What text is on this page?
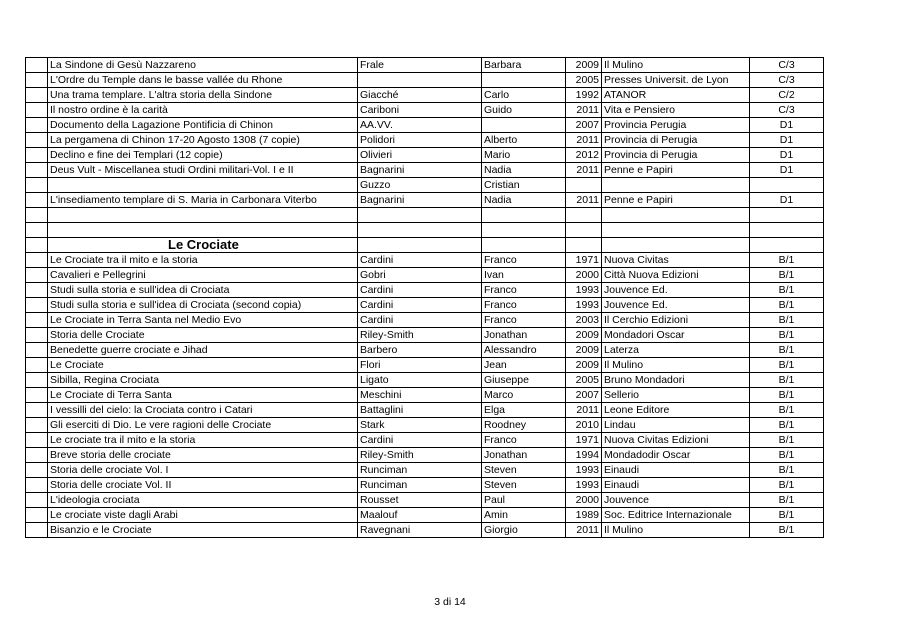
	La Sindone di Gesù Nazzareno	Frale	Barbara	2009	Il Mulino	C/3
	L'Ordre du Temple dans le basse vallée du Rhone			2005	Presses Universit. de Lyon	C/3
	Una trama templare. L'altra storia della Sindone	Giacché	Carlo	1992	ATANOR	C/2
	Il nostro ordine è la carità	Cariboni	Guido	2011	Vita e Pensiero	C/3
	Documento della Lagazione Pontificia di Chinon	AA.VV.		2007	Provincia Perugia	D1
	La pergamena di Chinon 17-20 Agosto 1308 (7 copie)	Polidori	Alberto	2011	Provincia di Perugia	D1
	Declino e fine dei Templari (12 copie)	Olivieri	Mario	2012	Provincia di Perugia	D1
	Deus Vult - Miscellanea studi Ordini militari-Vol. I e II	Bagnarini	Nadia	2011	Penne e Papiri	D1
		Guzzo	Cristian			
	L'insediamento templare di S. Maria in Carbonara Viterbo	Bagnarini	Nadia	2011	Penne e Papiri	D1

	Le Crociate					
	Le Crociate tra il mito e la storia	Cardini	Franco	1971	Nuova Civitas	B/1
	Cavalieri e Pellegrini	Gobri	Ivan	2000	Città Nuova Edizioni	B/1
	Studi sulla storia e sull'idea di Crociata	Cardini	Franco	1993	Jouvence Ed.	B/1
	Studi sulla storia e sull'idea di Crociata (second copia)	Cardini	Franco	1993	Jouvence Ed.	B/1
	Le Crociate in Terra Santa nel Medio Evo	Cardini	Franco	2003	Il Cerchio Edizioni	B/1
	Storia delle Crociate	Riley-Smith	Jonathan	2009	Mondadori Oscar	B/1
	Benedette guerre crociate e Jihad	Barbero	Alessandro	2009	Laterza	B/1
	Le Crociate	Flori	Jean	2009	Il Mulino	B/1
	Sibilla, Regina Crociata	Ligato	Giuseppe	2005	Bruno Mondadori	B/1
	Le Crociate di Terra Santa	Meschini	Marco	2007	Sellerio	B/1
	I vessilli del cielo: la Crociata contro i Catari	Battaglini	Elga	2011	Leone Editore	B/1
	Gli eserciti di Dio. Le vere ragioni delle Crociate	Stark	Roodney	2010	Lindau	B/1
	Le crociate tra il mito e la storia	Cardini	Franco	1971	Nuova Civitas Edizioni	B/1
	Breve storia delle crociate	Riley-Smith	Jonathan	1994	Mondadodir Oscar	B/1
	Storia delle crociate Vol. I	Runciman	Steven	1993	Einaudi	B/1
	Storia delle crociate Vol. II	Runciman	Steven	1993	Einaudi	B/1
	L'ideologia crociata	Rousset	Paul	2000	Jouvence	B/1
	Le crociate viste dagli Arabi	Maalouf	Amin	1989	Soc. Editrice Internazionale	B/1
	Bisanzio e le Crociate	Ravegnani	Giorgio	2011	Il Mulino	B/1
3 di 14
